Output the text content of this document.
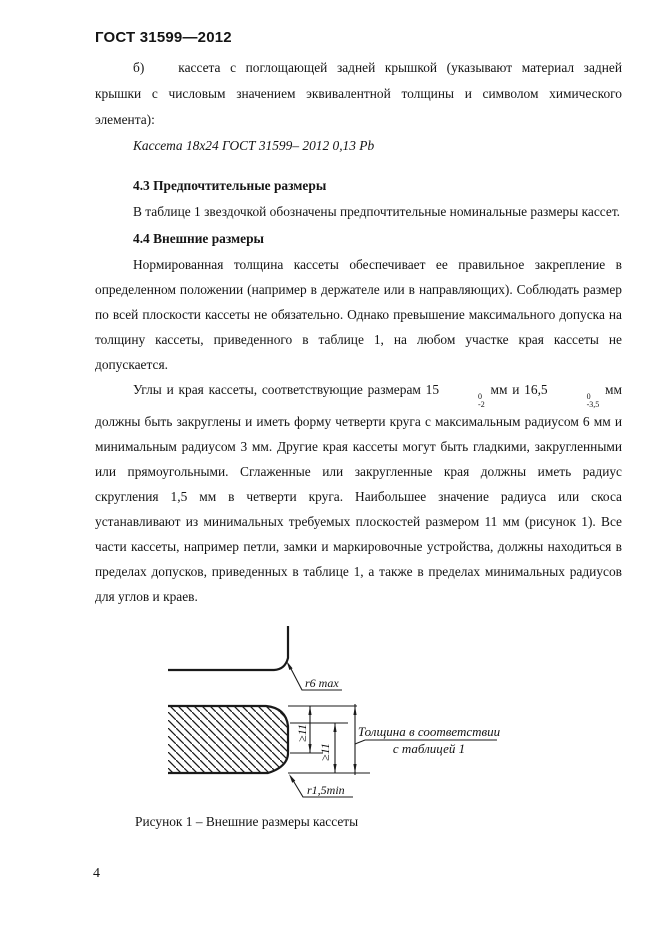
ГОСТ 31599—2012

б)	кассета с поглощающей задней крышкой (указывают материал задней крышки с числовым значением эквивалентной толщины и символом химического элемента):

Кассета 18х24 ГОСТ 31599– 2012 0,13 Pb

4.3 Предпочтительные размеры

В таблице 1 звездочкой обозначены предпочтительные номинальные размеры кассет.

4.4 Внешние размеры

Нормированная толщина кассеты обеспечивает ее правильное закрепление в определенном положении (например в держателе или в направляющих). Соблюдать размер по всей плоскости кассеты не обязательно. Однако превышение максимального допуска на толщину кассеты, приведенного в таблице 1, на любом участке края кассеты не допускается.

Углы и края кассеты, соответствующие размерам 15	0
-2
мм и 16,5	0
-3,5
мм должны быть закруглены и иметь форму четверти круга с максимальным радиусом 6 мм и минимальным радиусом 3 мм. Другие края кассеты могут быть гладкими, закругленными или прямоугольными. Сглаженные или закругленные края должны иметь радиус скругления 1,5 мм в четверти круга. Наибольшее значение радиуса или скоса устанавливают из минимальных требуемых плоскостей размером 11 мм (рисунок 1). Все части кассеты, например петли, замки и маркировочные устройства, должны находиться в пределах допусков, приведенных в таблице 1, а также в пределах минимальных радиусов для углов и краев.

r6 max
≥11
≥11
Толщина в соответствии
с таблицей 1
r1,5min
Рисунок 1 – Внешние размеры кассеты
4
